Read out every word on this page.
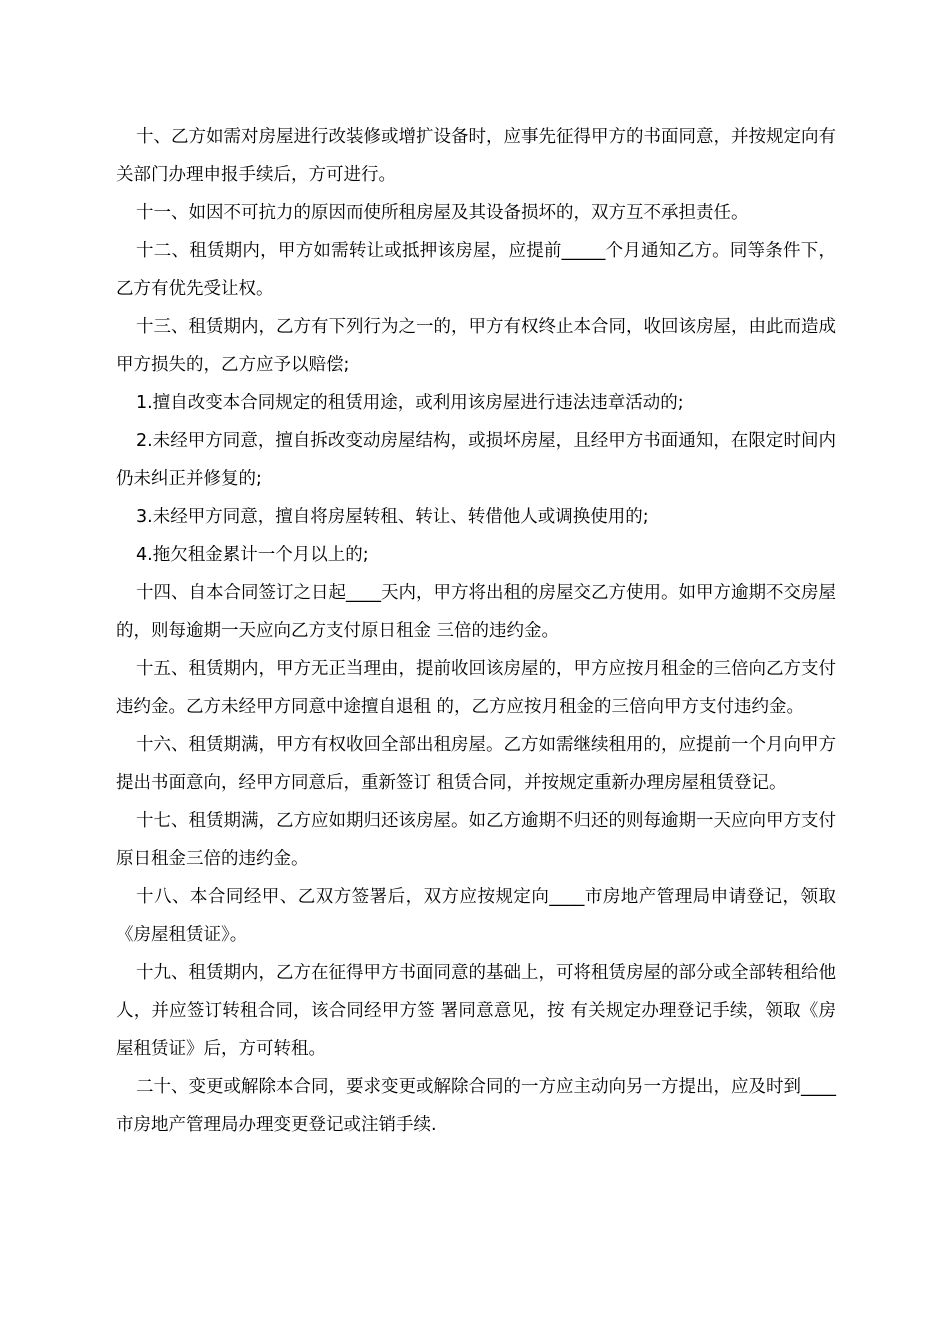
十、乙方如需对房屋进行改装修或增扩设备时，应事先征得甲方的书面同意，并按规定向有关部门办理申报手续后，方可进行。

十一、如因不可抗力的原因而使所租房屋及其设备损坏的，双方互不承担责任。

十二、租赁期内，甲方如需转让或抵押该房屋，应提前_____个月通知乙方。同等条件下，乙方有优先受让权。

十三、租赁期内，乙方有下列行为之一的，甲方有权终止本合同，收回该房屋，由此而造成甲方损失的，乙方应予以赔偿;

1.擅自改变本合同规定的租赁用途，或利用该房屋进行违法违章活动的;

2.未经甲方同意，擅自拆改变动房屋结构，或损坏房屋，且经甲方书面通知，在限定时间内仍未纠正并修复的;

3.未经甲方同意，擅自将房屋转租、转让、转借他人或调换使用的;

4.拖欠租金累计一个月以上的;

十四、自本合同签订之日起____天内，甲方将出租的房屋交乙方使用。如甲方逾期不交房屋的，则每逾期一天应向乙方支付原日租金 三倍的违约金。

十五、租赁期内，甲方无正当理由，提前收回该房屋的，甲方应按月租金的三倍向乙方支付违约金。乙方未经甲方同意中途擅自退租 的，乙方应按月租金的三倍向甲方支付违约金。

十六、租赁期满，甲方有权收回全部出租房屋。乙方如需继续租用的，应提前一个月向甲方提出书面意向，经甲方同意后，重新签订 租赁合同，并按规定重新办理房屋租赁登记。

十七、租赁期满，乙方应如期归还该房屋。如乙方逾期不归还的则每逾期一天应向甲方支付原日租金三倍的违约金。

十八、本合同经甲、乙双方签署后，双方应按规定向____市房地产管理局申请登记，领取《房屋租赁证》。

十九、租赁期内，乙方在征得甲方书面同意的基础上，可将租赁房屋的部分或全部转租给他人，并应签订转租合同，该合同经甲方签 署同意意见，按 有关规定办理登记手续，领取《房屋租赁证》后，方可转租。

二十、变更或解除本合同，要求变更或解除合同的一方应主动向另一方提出，应及时到____市房地产管理局办理变更登记或注销手续.
